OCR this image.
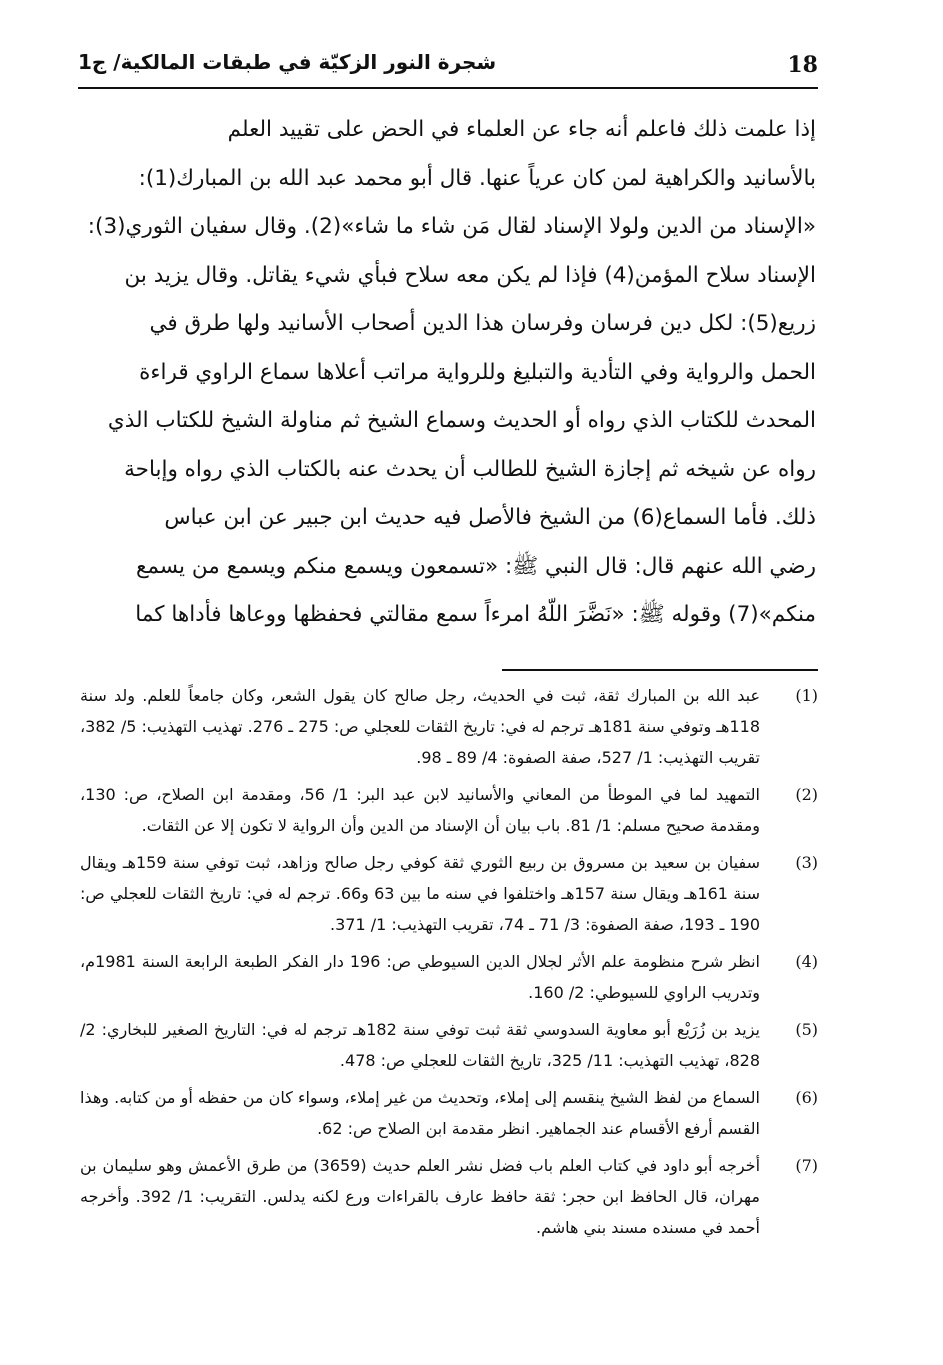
18
شجرة النور الزكيّة في طبقات المالكية/ ج1
إذا علمت ذلك فاعلم أنه جاء عن العلماء في الحض على تقييد العلم
بالأسانيد والكراهية لمن كان عرياً عنها. قال أبو محمد عبد الله بن المبارك(1):
«الإسناد من الدين ولولا الإسناد لقال مَن شاء ما شاء»(2). وقال سفيان الثوري(3):
الإسناد سلاح المؤمن(4) فإذا لم يكن معه سلاح فبأي شيء يقاتل. وقال يزيد بن
زريع(5): لكل دين فرسان وفرسان هذا الدين أصحاب الأسانيد ولها طرق في
الحمل والرواية وفي التأدية والتبليغ وللرواية مراتب أعلاها سماع الراوي قراءة
المحدث للكتاب الذي رواه أو الحديث وسماع الشيخ ثم مناولة الشيخ للكتاب الذي
رواه عن شيخه ثم إجازة الشيخ للطالب أن يحدث عنه بالكتاب الذي رواه وإباحة
ذلك. فأما السماع(6) من الشيخ فالأصل فيه حديث ابن جبير عن ابن عباس
رضي الله عنهم قال: قال النبي ﷺ: «تسمعون ويسمع منكم ويسمع من يسمع
منكم»(7) وقوله ﷺ: «نَضَّرَ اللّهُ امرءاً سمع مقالتي فحفظها ووعاها فأداها كما
(1)
عبد الله بن المبارك ثقة، ثبت في الحديث، رجل صالح كان يقول الشعر، وكان جامعاً للعلم. ولد سنة 118هـ وتوفي سنة 181هـ ترجم له في: تاريخ الثقات للعجلي ص: 275 ـ 276. تهذيب التهذيب: 5/ 382، تقريب التهذيب: 1/ 527، صفة الصفوة: 4/ 89 ـ 98.
(2)
التمهيد لما في الموطأ من المعاني والأسانيد لابن عبد البر: 1/ 56، ومقدمة ابن الصلاح، ص: 130، ومقدمة صحيح مسلم: 1/ 81. باب بيان أن الإسناد من الدين وأن الرواية لا تكون إلا عن الثقات.
(3)
سفيان بن سعيد بن مسروق بن ربيع الثوري ثقة كوفي رجل صالح وزاهد، ثبت توفي سنة 159هـ ويقال سنة 161هـ ويقال سنة 157هـ واختلفوا في سنه ما بين 63 و66. ترجم له في: تاريخ الثقات للعجلي ص: 190 ـ 193، صفة الصفوة: 3/ 71 ـ 74، تقريب التهذيب: 1/ 371.
(4)
انظر شرح منظومة علم الأثر لجلال الدين السيوطي ص: 196 دار الفكر الطبعة الرابعة السنة 1981م، وتدريب الراوي للسيوطي: 2/ 160.
(5)
يزيد بن زُرَيْع أبو معاوية السدوسي ثقة ثبت توفي سنة 182هـ ترجم له في: التاريخ الصغير للبخاري: 2/ 828، تهذيب التهذيب: 11/ 325، تاريخ الثقات للعجلي ص: 478.
(6)
السماع من لفظ الشيخ ينقسم إلى إملاء، وتحديث من غير إملاء، وسواء كان من حفظه أو من كتابه. وهذا القسم أرفع الأقسام عند الجماهير. انظر مقدمة ابن الصلاح ص: 62.
(7)
أخرجه أبو داود في كتاب العلم باب فضل نشر العلم حديث (3659) من طرق الأعمش وهو سليمان بن مهران، قال الحافظ ابن حجر: ثقة حافظ عارف بالقراءات ورع لكنه يدلس. التقريب: 1/ 392. وأخرجه أحمد في مسنده مسند بني هاشم.
